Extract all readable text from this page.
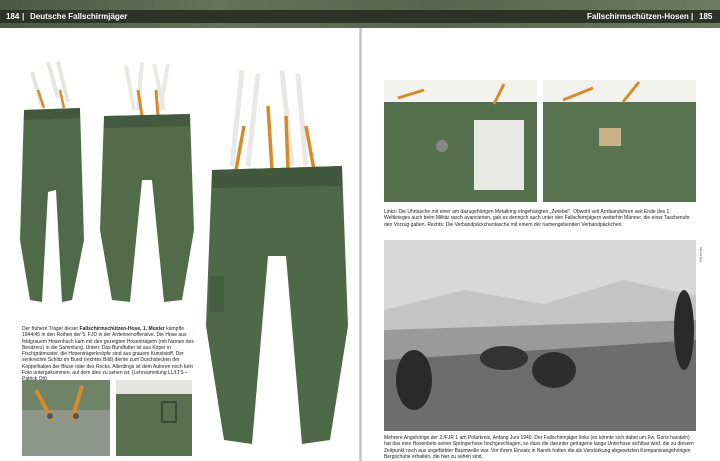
184 | Deutsche Fallschirmjäger	Fallschirmschützen-Hosen | 185
Der frühere Träger dieser Fallschirmschützen-Hose, 1. Muster kämpfte 1944/45 in den Reihen der 5. FJD in der Ardennenoffensive. Die Hose aus feldgrauem Hosenhuch kam mit den gezeigten Hosenträgern (mit Namen des Besitzers) in die Sammlung. Unten: Das Bundfutter ist aus Köper in Fischgrätmuster, die Hosenträgerknöpfe sind aus grauem Kunststoff. Der senkrechte Schlitz im Bund (rechtes Bild) diente zum Durchstecken der Koppelhaken der Bluse oder des Rocks. Allerdings ist dem Autoren noch kein Foto untergekommen, auf dem dies zu sehen ist. (Lehrsammlung LL/LTS –
Links: Die Uhrtasche mit einer am dazugehörigen Metallring eingehängten „Zwiebel". Obwohl seit Armbanduhren seit Ende des 1. Weltkrieges auch beim Militär rasch avancierten, gab es dennoch auch unter den Fallschirmjägern weiterhin Männer, die einer Taschenuhr den Vorzug gaben. Rechts: Die Verbandpäckchentasche mit einem der namengebenden Verbandpäckchen.
Ott Archiv
Mehrere Angehörige der 2./FJR 1 am Polarkreis, Anfang Juni 1940. Der Fallschirmjäger links (es könnte sich dabei um Fw. Görtz handeln) hat das eine Hosenbein seiner Springerhose hochgeschlagen, so dass die darunter getragene lange Unterhose sichtbar wird, die zu diesem Zeitpunkt noch aus ungefärbter Baumwolle war. Vor ihrem Einsatz in Narvik hatten die als Verstärkung abgesetzten Kompanieangehörigen Bergschuhe erhalten, die hier zu sehen sind.
